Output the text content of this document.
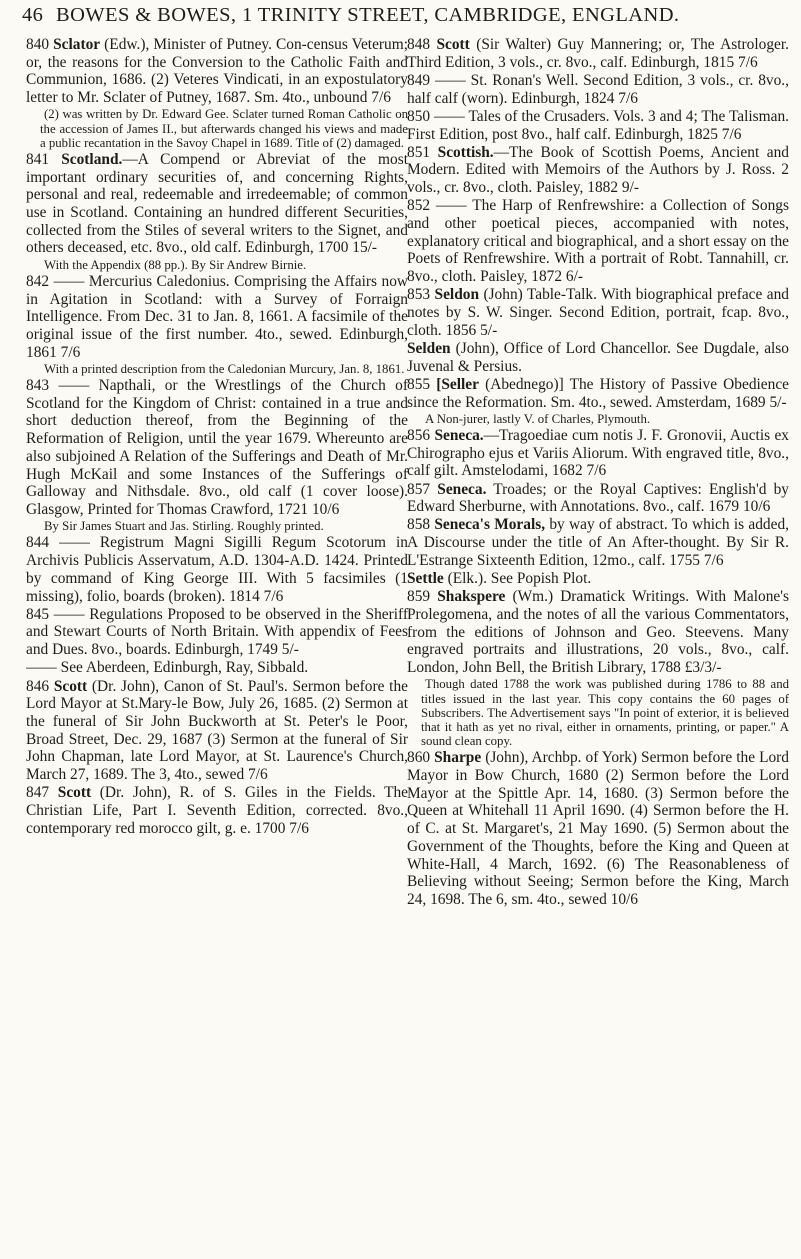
46 BOWES & BOWES, 1 TRINITY STREET, CAMBRIDGE, ENGLAND.
840 Sclator (Edw.), Minister of Putney. Con-census Veterum; or, the reasons for the Conversion to the Catholic Faith and Communion, 1686. (2) Veteres Vindicati, in an expostulatory letter to Mr. Sclater of Putney, 1687. Sm. 4to., unbound 7/6
(2) was written by Dr. Edward Gee. Sclater turned Roman Catholic on the accession of James II., but afterwards changed his views and made a public recantation in the Savoy Chapel in 1689. Title of (2) damaged.
841 Scotland.—A Compend or Abreviat of the most important ordinary securities of, and concerning Rights, personal and real, redeemable and irredeemable; of common use in Scotland. Containing an hundred different Securities, collected from the Stiles of several writers to the Signet, and others deceased, etc. 8vo., old calf. Edinburgh, 1700 15/-
With the Appendix (88 pp.). By Sir Andrew Birnie.
842 —— Mercurius Caledonius. Comprising the Affairs now in Agitation in Scotland: with a Survey of Forraign Intelligence. From Dec. 31 to Jan. 8, 1661. A facsimile of the original issue of the first number. 4to., sewed. Edinburgh, 1861 7/6
With a printed description from the Caledonian Murcury, Jan. 8, 1861.
843 —— Napthali, or the Wrestlings of the Church of Scotland for the Kingdom of Christ: contained in a true and short deduction thereof, from the Beginning of the Reformation of Religion, until the year 1679. Whereunto are also subjoined A Relation of the Sufferings and Death of Mr. Hugh McKail and some Instances of the Sufferings of Galloway and Nithsdale. 8vo., old calf (1 cover loose). Glasgow, Printed for Thomas Crawford, 1721 10/6
By Sir James Stuart and Jas. Stirling. Roughly printed.
844 —— Registrum Magni Sigilli Regum Scotorum in Archivis Publicis Asservatum, A.D. 1304-A.D. 1424. Printed by command of King George III. With 5 facsimiles (1 missing), folio, boards (broken). 1814 7/6
845 —— Regulations Proposed to be observed in the Sheriff and Stewart Courts of North Britain. With appendix of Fees and Dues. 8vo., boards. Edinburgh, 1749 5/-
—— See Aberdeen, Edinburgh, Ray, Sibbald.
846 Scott (Dr. John), Canon of St. Paul's. Sermon before the Lord Mayor at St.Mary-le Bow, July 26, 1685. (2) Sermon at the funeral of Sir John Buckworth at St. Peter's le Poor, Broad Street, Dec. 29, 1687 (3) Sermon at the funeral of Sir John Chapman, late Lord Mayor, at St. Laurence's Church, March 27, 1689. The 3, 4to., sewed 7/6
847 Scott (Dr. John), R. of S. Giles in the Fields. The Christian Life, Part I. Seventh Edition, corrected. 8vo., contemporary red morocco gilt, g. e. 1700 7/6
848 Scott (Sir Walter) Guy Mannering; or, The Astrologer. Third Edition, 3 vols., cr. 8vo., calf. Edinburgh, 1815 7/6
849 —— St. Ronan's Well. Second Edition, 3 vols., cr. 8vo., half calf (worn). Edinburgh, 1824 7/6
850 —— Tales of the Crusaders. Vols. 3 and 4; The Talisman. First Edition, post 8vo., half calf. Edinburgh, 1825 7/6
851 Scottish.—The Book of Scottish Poems, Ancient and Modern. Edited with Memoirs of the Authors by J. Ross. 2 vols., cr. 8vo., cloth. Paisley, 1882 9/-
852 —— The Harp of Renfrewshire: a Collection of Songs and other poetical pieces, accompanied with notes, explanatory critical and biographical, and a short essay on the Poets of Renfrewshire. With a portrait of Robt. Tannahill, cr. 8vo., cloth. Paisley, 1872 6/-
853 Seldon (John) Table-Talk. With biographical preface and notes by S. W. Singer. Second Edition, portrait, fcap. 8vo., cloth. 1856 5/-
Selden (John), Office of Lord Chancellor. See Dugdale, also Juvenal & Persius.
855 [Seller (Abednego)] The History of Passive Obedience since the Reformation. Sm. 4to., sewed. Amsterdam, 1689 5/-
A Non-jurer, lastly V. of Charles, Plymouth.
856 Seneca.—Tragoediae cum notis J. F. Gronovii, Auctis ex Chirographo ejus et Variis Aliorum. With engraved title, 8vo., calf gilt. Amstelodami, 1682 7/6
857 Seneca. Troades; or the Royal Captives: English'd by Edward Sherburne, with Annotations. 8vo., calf. 1679 10/6
858 Seneca's Morals, by way of abstract. To which is added, A Discourse under the title of An After-thought. By Sir R. L'Estrange Sixteenth Edition, 12mo., calf. 1755 7/6
Settle (Elk.). See Popish Plot.
859 Shakspere (Wm.) Dramatick Writings. With Malone's Prolegomena, and the notes of all the various Commentators, from the editions of Johnson and Geo. Steevens. Many engraved portraits and illustrations, 20 vols., 8vo., calf. London, John Bell, the British Library, 1788 £3/3/-
Though dated 1788 the work was published during 1786 to 88 and titles issued in the last year. This copy contains the 60 pages of Subscribers. The Advertisement says "In point of exterior, it is believed that it hath as yet no rival, either in ornaments, printing, or paper." A sound clean copy.
860 Sharpe (John), Archbp. of York) Sermon before the Lord Mayor in Bow Church, 1680 (2) Sermon before the Lord Mayor at the Spittle Apr. 14, 1680. (3) Sermon before the Queen at Whitehall 11 April 1690. (4) Sermon before the H. of C. at St. Margaret's, 21 May 1690. (5) Sermon about the Government of the Thoughts, before the King and Queen at White-Hall, 4 March, 1692. (6) The Reasonableness of Believing without Seeing; Sermon before the King, March 24, 1698. The 6, sm. 4to., sewed 10/6
